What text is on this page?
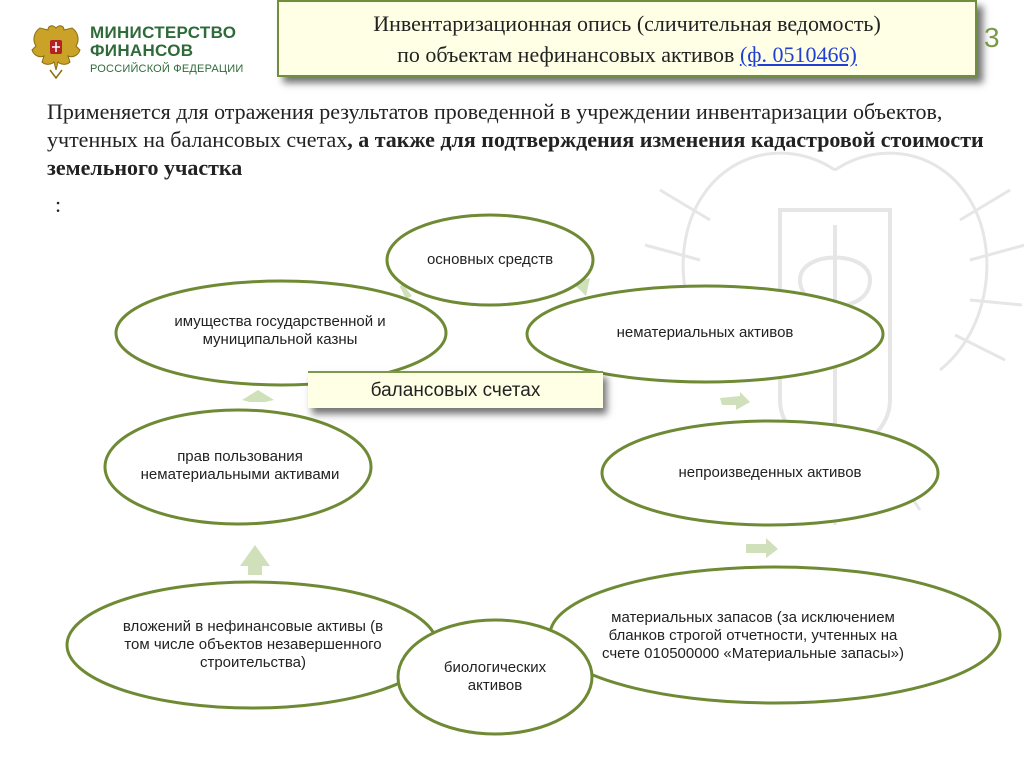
МИНИСТЕРСТВО
ФИНАНСОВ
РОССИЙСКОЙ ФЕДЕРАЦИИ
Инвентаризационная опись (сличительная ведомость)
по объектам нефинансовых активов (ф. 0510466)
3
Применяется для отражения результатов проведенной в учреждении инвентаризации объектов, учтенных на балансовых счетах, а также для подтверждения изменения кадастровой стоимости земельного участка
:
балансовых счетах
основных средств
нематериальных активов
непроизведенных активов
материальных запасов (за исключением бланков строгой отчетности, учтенных на счете 010500000 «Материальные запасы»)
вложений в нефинансовые активы (в том числе объектов незавершенного строительства)	биологических активов
прав пользования нематериальными активами
имущества государственной и муниципальной казны
